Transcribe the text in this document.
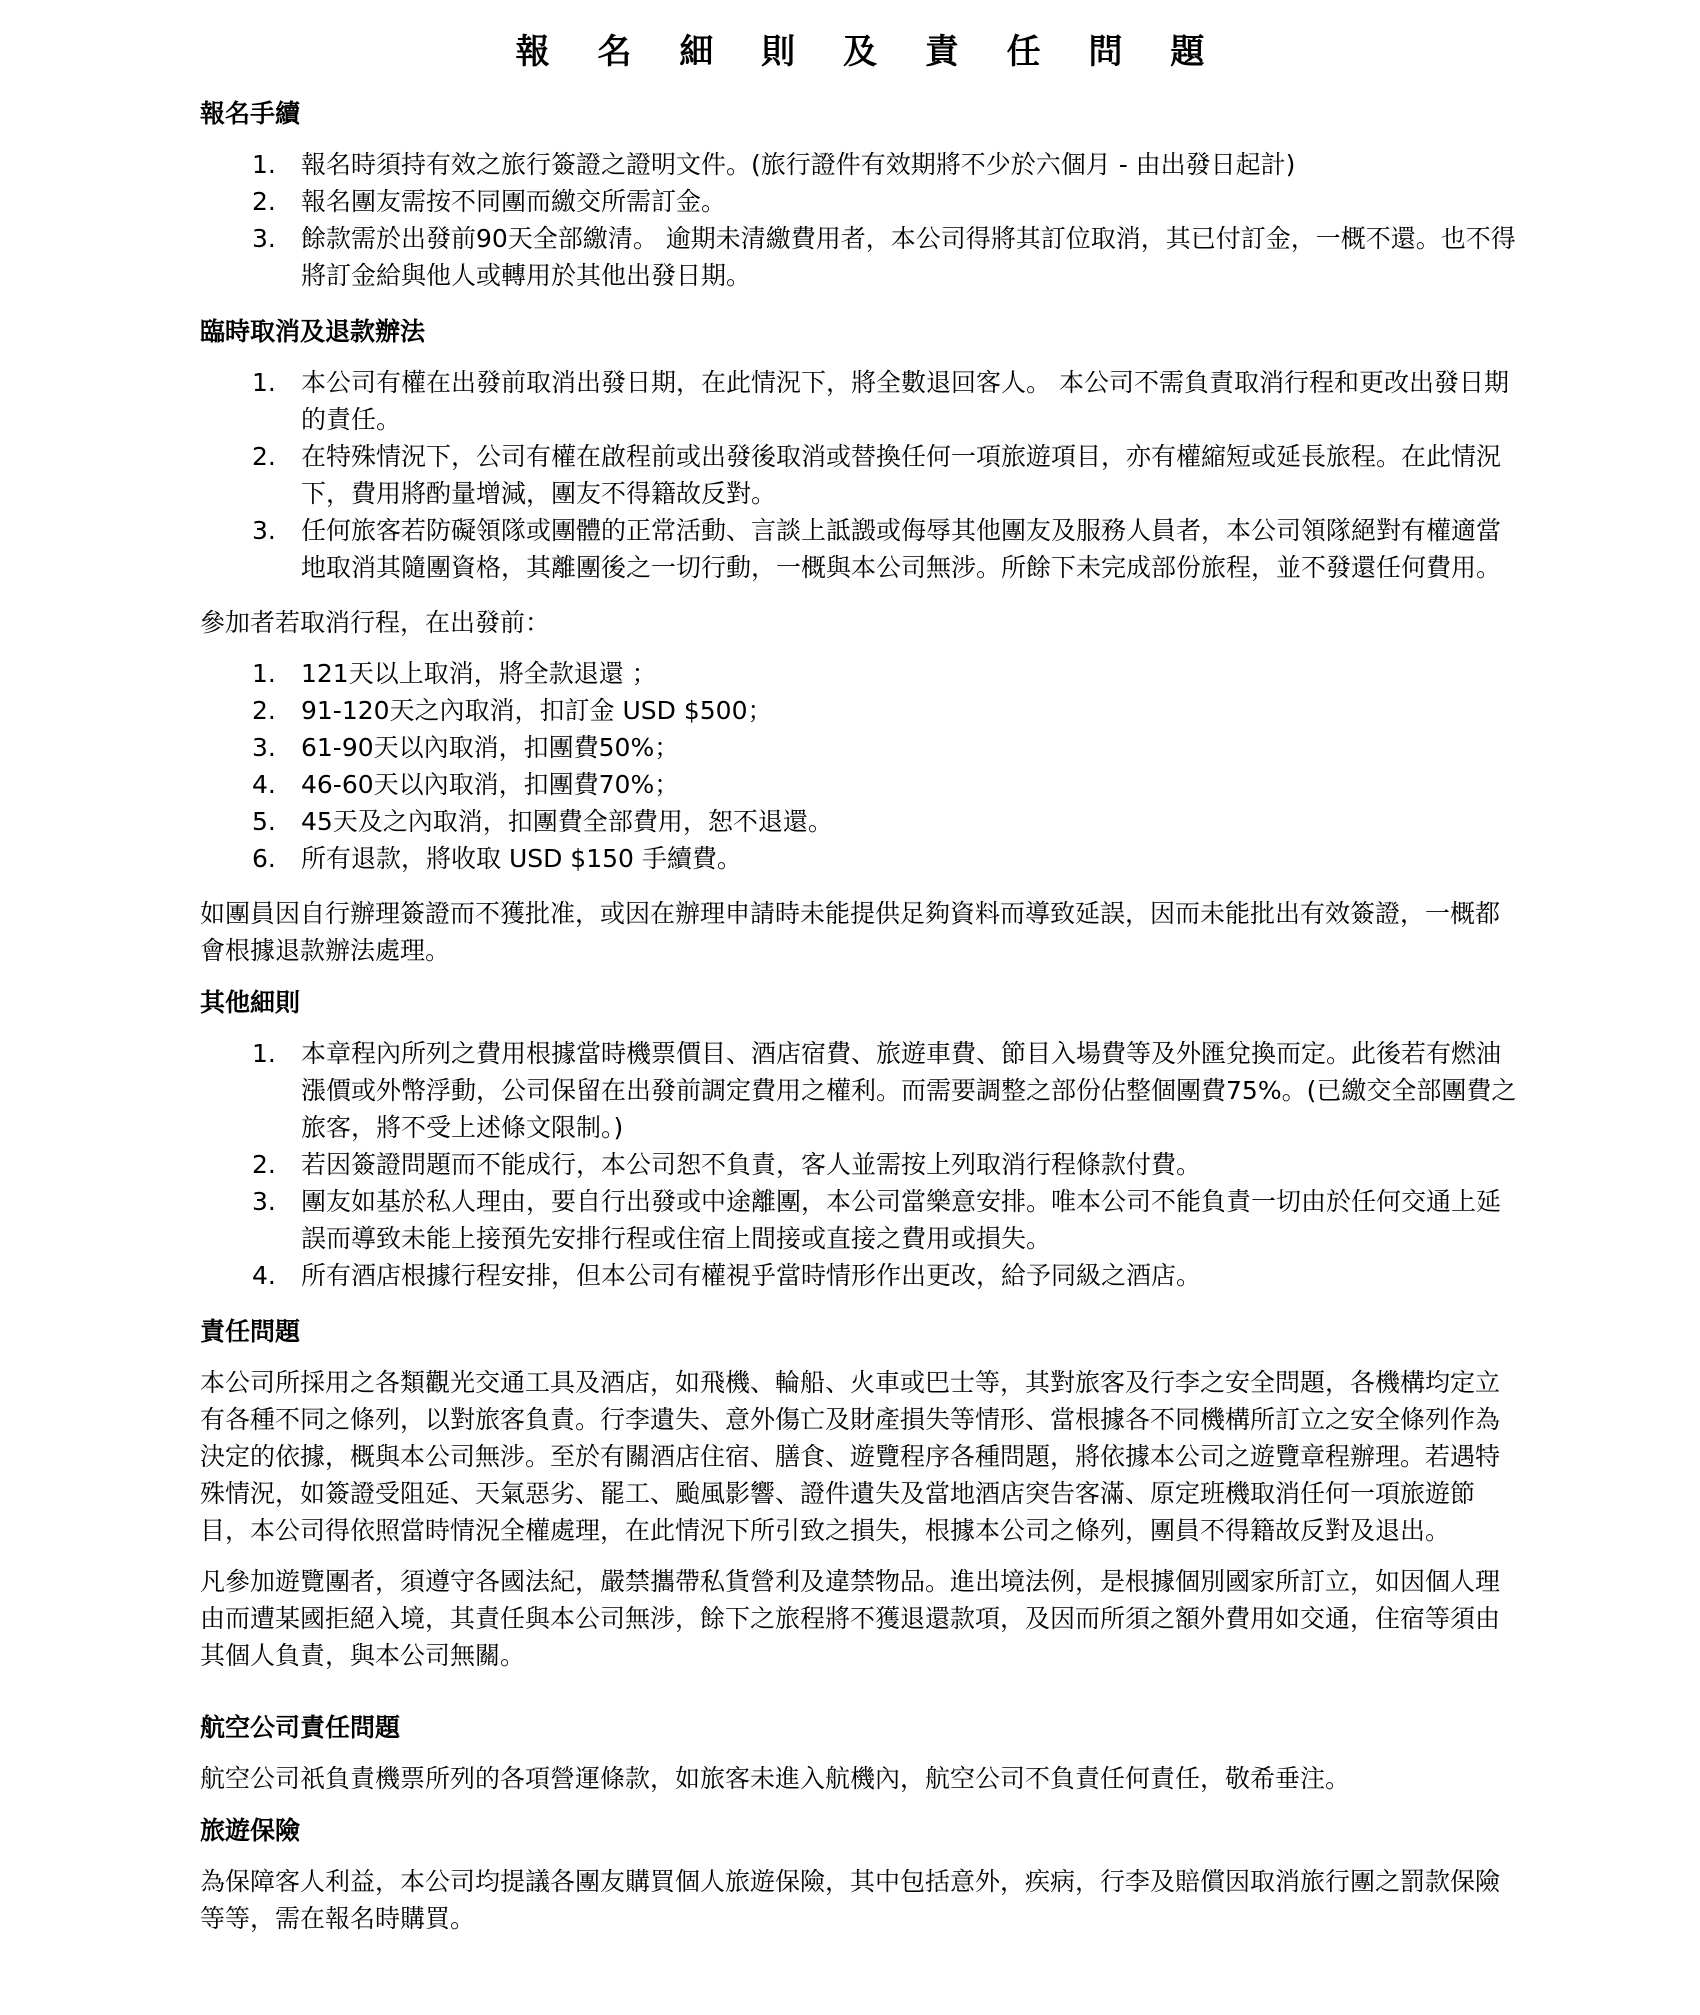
報 名 細 則 及 責 任 問 題
報名手續
1. 報名時須持有效之旅行簽證之證明文件。(旅行證件有效期將不少於六個月 - 由出發日起計)
2. 報名團友需按不同團而繳交所需訂金。
3. 餘款需於出發前90天全部繳清。 逾期未清繳費用者，本公司得將其訂位取消，其已付訂金，一概不還。也不得將訂金給與他人或轉用於其他出發日期。
臨時取消及退款辦法
1. 本公司有權在出發前取消出發日期，在此情況下，將全數退回客人。 本公司不需負責取消行程和更改出發日期的責任。
2. 在特殊情況下，公司有權在啟程前或出發後取消或替換任何一項旅遊項目，亦有權縮短或延長旅程。在此情況下，費用將酌量增減，團友不得籍故反對。
3. 任何旅客若防礙領隊或團體的正常活動、言談上詆譭或侮辱其他團友及服務人員者，本公司領隊絕對有權適當地取消其隨團資格，其離團後之一切行動，一概與本公司無涉。所餘下未完成部份旅程，並不發還任何費用。
參加者若取消行程，在出發前：
1. 121天以上取消，將全款退還 ；
2. 91-120天之內取消，扣訂金 USD $500；
3. 61-90天以內取消，扣團費50%；
4. 46-60天以內取消，扣團費70%；
5. 45天及之內取消，扣團費全部費用，恕不退還。
6. 所有退款，將收取 USD $150 手續費。
如團員因自行辦理簽證而不獲批准，或因在辦理申請時未能提供足夠資料而導致延誤，因而未能批出有效簽證，一概都會根據退款辦法處理。
其他細則
1. 本章程內所列之費用根據當時機票價目、酒店宿費、旅遊車費、節目入場費等及外匯兌換而定。此後若有燃油漲價或外幣浮動，公司保留在出發前調定費用之權利。而需要調整之部份佔整個團費75%。(已繳交全部團費之旅客，將不受上述條文限制。)
2. 若因簽證問題而不能成行，本公司恕不負責，客人並需按上列取消行程條款付費。
3. 團友如基於私人理由，要自行出發或中途離團，本公司當樂意安排。唯本公司不能負責一切由於任何交通上延誤而導致未能上接預先安排行程或住宿上間接或直接之費用或損失。
4. 所有酒店根據行程安排，但本公司有權視乎當時情形作出更改，給予同級之酒店。
責任問題
本公司所採用之各類觀光交通工具及酒店，如飛機、輪船、火車或巴士等，其對旅客及行李之安全問題，各機構均定立有各種不同之條列，以對旅客負責。行李遺失、意外傷亡及財產損失等情形、當根據各不同機構所訂立之安全條列作為決定的依據，概與本公司無涉。至於有關酒店住宿、膳食、遊覽程序各種問題，將依據本公司之遊覽章程辦理。若遇特殊情況，如簽證受阻延、天氣惡劣、罷工、颱風影響、證件遺失及當地酒店突告客滿、原定班機取消任何一項旅遊節目，本公司得依照當時情況全權處理，在此情況下所引致之損失，根據本公司之條列，團員不得籍故反對及退出。
凡參加遊覽團者，須遵守各國法紀，嚴禁攜帶私貨營利及違禁物品。進出境法例，是根據個別國家所訂立，如因個人理由而遭某國拒絕入境，其責任與本公司無涉，餘下之旅程將不獲退還款項，及因而所須之額外費用如交通，住宿等須由其個人負責，與本公司無關。
航空公司責任問題
航空公司祇負責機票所列的各項營運條款，如旅客未進入航機內，航空公司不負責任何責任，敬希垂注。
旅遊保險
為保障客人利益，本公司均提議各團友購買個人旅遊保險，其中包括意外，疾病，行李及賠償因取消旅行團之罰款保險等等，需在報名時購買。
